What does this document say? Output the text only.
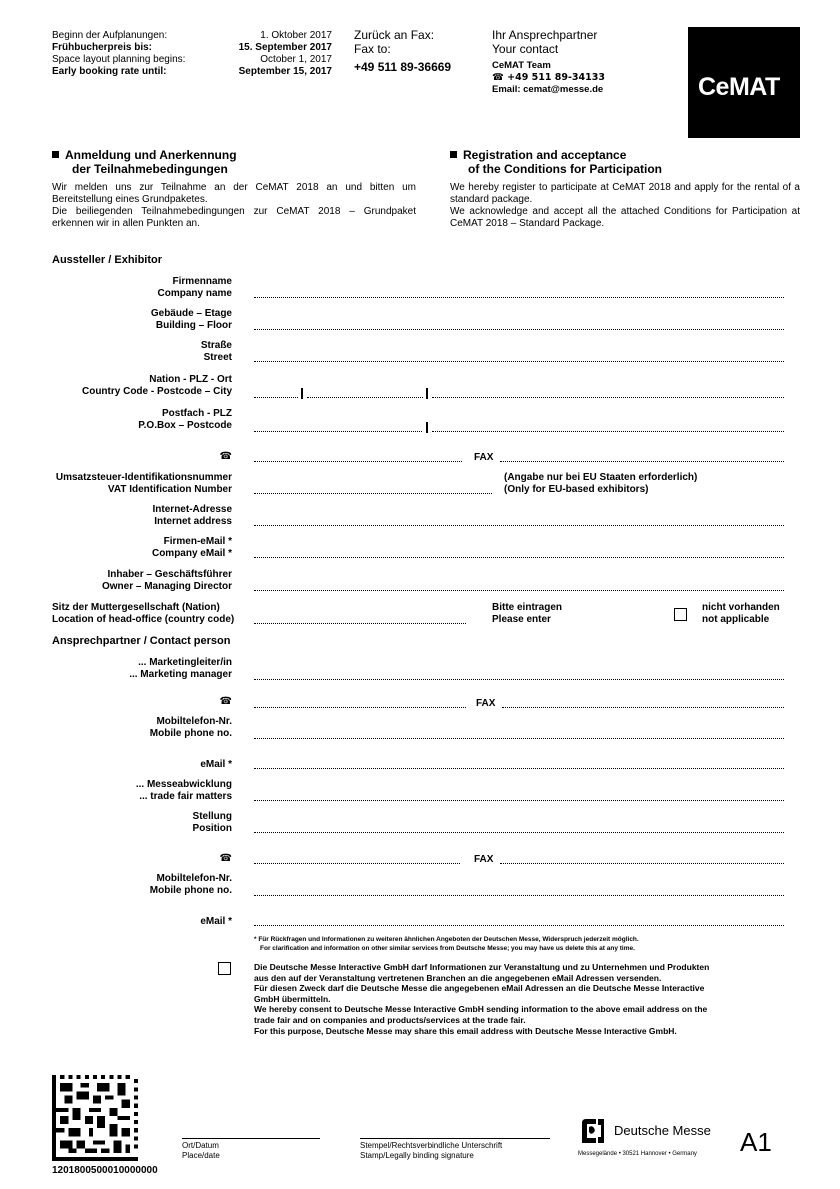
Beginn der Aufplanungen:	1. Oktober 2017
Frühbucherpreis bis:	15. September 2017
Space layout planning begins:	October 1, 2017
Early booking rate until:	September 15, 2017
Zurück an Fax:
Fax to:
+49 511 89-36669
Ihr Ansprechpartner
Your contact
CeMAT Team
☎ +49 511 89-34133
Email: cemat@messe.de	CeMAT
Anmeldung und Anerkennung
der Teilnahmebedingungen
Wir melden uns zur Teilnahme an der CeMAT 2018 an und bitten um Bereitstellung eines Grundpaketes.
Die beiliegenden Teilnahmebedingungen zur CeMAT 2018 – Grundpaket erkennen wir in allen Punkten an.
Registration and acceptance
of the Conditions for Participation
We hereby register to participate at CeMAT 2018 and apply for the rental of a standard package.
We acknowledge and accept all the attached Conditions for Participation at CeMAT 2018 – Standard Package.
Aussteller / Exhibitor
Firmenname
Company name
Gebäude – Etage
Building – Floor
Straße
Street
Nation - PLZ - Ort
Country Code - Postcode – City
Postfach - PLZ
P.O.Box – Postcode
☎	FAX
Umsatzsteuer-Identifikationsnummer
VAT Identification Number
(Angabe nur bei EU Staaten erforderlich)
(Only for EU-based exhibitors)
Internet-Adresse
Internet address
Firmen-eMail *
Company eMail *
Inhaber – Geschäftsführer
Owner – Managing Director
Sitz der Muttergesellschaft (Nation)
Location of head-office (country code)
Bitte eintragen
Please enter
nicht vorhanden
not applicable
Ansprechpartner / Contact person
... Marketingleiter/in
... Marketing manager
☎	FAX
Mobiltelefon-Nr.
Mobile phone no.
eMail *
... Messeabwicklung
... trade fair matters
Stellung
Position
☎	FAX
Mobiltelefon-Nr.
Mobile phone no.
eMail *
* Für Rückfragen und Informationen zu weiteren ähnlichen Angeboten der Deutschen Messe, Widerspruch jederzeit möglich.
For clarification and information on other similar services from Deutsche Messe; you may have us delete this at any time.
Die Deutsche Messe Interactive GmbH darf Informationen zur Veranstaltung und zu Unternehmen und Produkten
aus den auf der Veranstaltung vertretenen Branchen an die angegebenen eMail Adressen versenden.
Für diesen Zweck darf die Deutsche Messe die angegebenen eMail Adressen an die Deutsche Messe Interactive
GmbH übermitteln.
We hereby consent to Deutsche Messe Interactive GmbH sending information to the above email address on the
trade fair and on companies and products/services at the trade fair.
For this purpose, Deutsche Messe may share this email address with Deutsche Messe Interactive GmbH.
1201800500010000000
Ort/Datum
Place/date
Stempel/Rechtsverbindliche Unterschrift
Stamp/Legally binding signature
Deutsche Messe
Messegelände • 30521 Hannover • Germany A1
